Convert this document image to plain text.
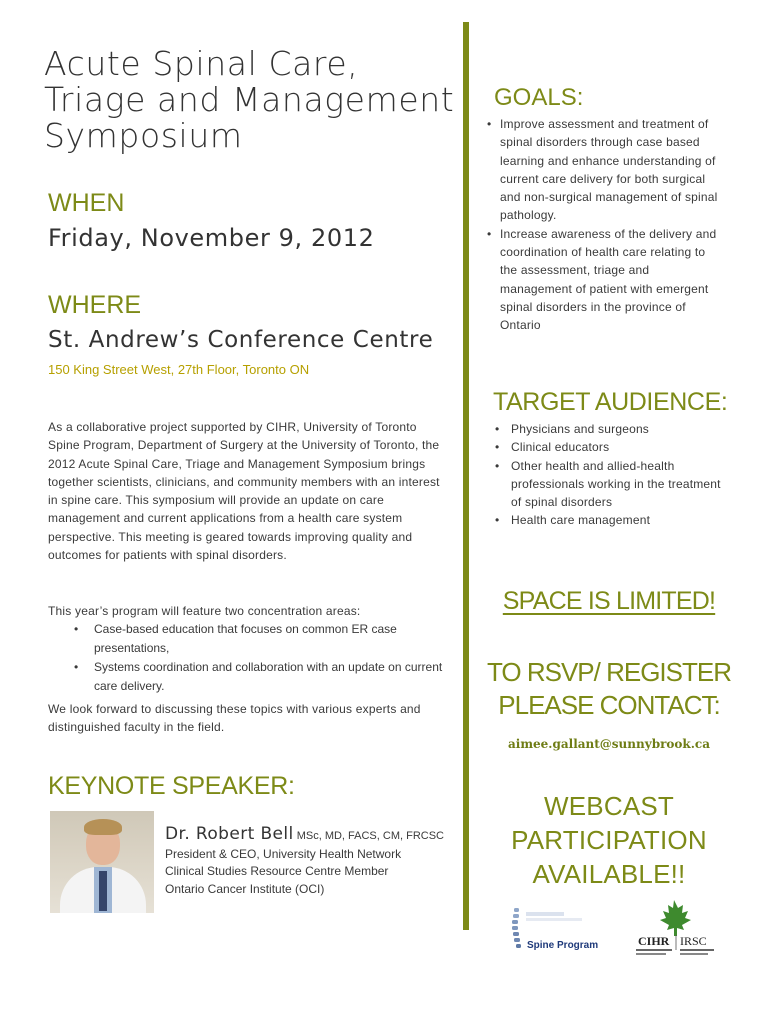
Acute Spinal Care,
Triage and Management
Symposium
WHEN
Friday, November 9, 2012
WHERE
St. Andrew’s Conference Centre
150 King Street West, 27th Floor, Toronto ON

As a collaborative project supported by CIHR, University of Toronto Spine Program, Department of Surgery at the University of Toronto, the 2012 Acute Spinal Care, Triage and Management Symposium brings together scientists, clinicians, and community members with an interest in spine care. This symposium will provide an update on care management and current applications from a health care system perspective. This meeting is geared towards improving quality and outcomes for patients with spinal disorders.

This year’s program will feature two concentration areas:

• Case-based education that focuses on common ER case presentations,
• Systems coordination and collaboration with an update on current care delivery.

We look forward to discussing these topics with various experts and distinguished faculty in the field.

KEYNOTE SPEAKER:
Dr. Robert Bell MSc, MD, FACS, CM, FRCSC
President & CEO, University Health Network
Clinical Studies Resource Centre Member
Ontario Cancer Institute (OCI)
GOALS:
• Improve assessment and treatment of spinal disorders through case based learning and enhance understanding of current care delivery for both surgical and non-surgical management of spinal pathology.
• Increase awareness of the delivery and coordination of health care relating to the assessment, triage and management of patient with emergent spinal disorders in the province of Ontario
TARGET AUDIENCE:
• Physicians and surgeons
• Clinical educators
• Other health and allied-health professionals working in the treatment of spinal disorders
• Health care management
SPACE IS LIMITED!
TO RSVP/ REGISTER
PLEASE CONTACT:
aimee.gallant@sunnybrook.ca
WEBCAST
PARTICIPATION
AVAILABLE!!
Spine Program	CIHR IRSC
